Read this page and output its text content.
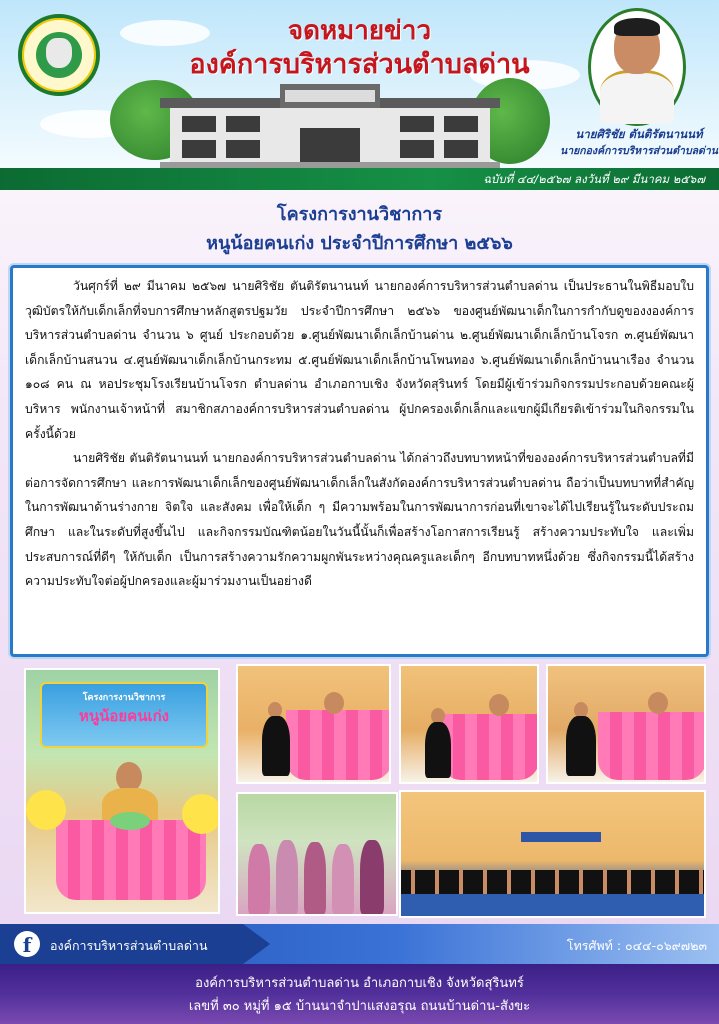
จดหมายข่าว
องค์การบริหารส่วนตำบลด่าน
นายศิริชัย ตันติรัตนานนท์
นายกองค์การบริหารส่วนตำบลด่าน
ฉบับที่ ๔๔/๒๕๖๗ ลงวันที่ ๒๙ มีนาคม ๒๕๖๗
โครงการงานวิชาการ
หนูน้อยคนเก่ง ประจำปีการศึกษา ๒๕๖๖

วันศุกร์ที่ ๒๙ มีนาคม ๒๕๖๗ นายศิริชัย ตันติรัตนานนท์ นายกองค์การบริหารส่วนตำบลด่าน เป็นประธานในพิธีมอบใบวุฒิบัตรให้กับเด็กเล็กที่จบการศึกษาหลักสูตรปฐมวัย ประจำปีการศึกษา ๒๕๖๖ ของศูนย์พัฒนาเด็กในการกำกับดูของงองค์การบริหารส่วนตำบลด่าน จำนวน ๖ ศูนย์ ประกอบด้วย ๑.ศูนย์พัฒนาเด็กเล็กบ้านด่าน ๒.ศูนย์พัฒนาเด็กเล็กบ้านโจรก ๓.ศูนย์พัฒนาเด็กเล็กบ้านสนวน ๔.ศูนย์พัฒนาเด็กเล็กบ้านกระทม ๕.ศูนย์พัฒนาเด็กเล็กบ้านโพนทอง ๖.ศูนย์พัฒนาเด็กเล็กบ้านนาเรือง จำนวน ๑๐๘ คน ณ หอประชุมโรงเรียนบ้านโจรก ตำบลด่าน อำเภอกาบเชิง จังหวัดสุรินทร์ โดยมีผู้เข้าร่วมกิจกรรมประกอบด้วยคณะผู้บริหาร พนักงานเจ้าหน้าที่ สมาชิกสภาองค์การบริหารส่วนตำบลด่าน ผู้ปกครองเด็กเล็กและแขกผู้มีเกียรติเข้าร่วมในกิจกรรมในครั้งนี้ด้วย

นายศิริชัย ตันติรัตนานนท์ นายกองค์การบริหารส่วนตำบลด่าน ได้กล่าวถึงบทบาทหน้าที่ขององค์การบริหารส่วนตำบลที่มีต่อการจัดการศึกษา และการพัฒนาเด็กเล็กของศูนย์พัฒนาเด็กเล็กในสังกัดองค์การบริหารส่วนตำบลด่าน ถือว่าเป็นบทบาทที่สำคัญในการพัฒนาด้านร่างกาย จิตใจ และสังคม เพื่อให้เด็ก ๆ มีความพร้อมในการพัฒนาการก่อนที่เขาจะได้ไปเรียนรู้ในระดับประถมศึกษา และในระดับที่สูงขึ้นไป และกิจกรรมบัณฑิตน้อยในวันนี้นั้นก็เพื่อสร้างโอกาสการเรียนรู้ สร้างความประทับใจ และเพิ่มประสบการณ์ที่ดีๆ ให้กับเด็ก เป็นการสร้างความรักความผูกพันระหว่างคุณครูและเด็กๆ อีกบทบาทหนึ่งด้วย ซึ่งกิจกรรมนี้ได้สร้างความประทับใจต่อผู้ปกครองและผู้มาร่วมงานเป็นอย่างดี

โครงการงานวิชาการ
หนูน้อยคนเก่ง
f	องค์การบริหารส่วนตำบลด่าน	โทรศัพท์ : ๐๔๔-๐๖๙๗๒๓
องค์การบริหารส่วนตำบลด่าน อำเภอกาบเชิง จังหวัดสุรินทร์
เลขที่ ๓๐ หมู่ที่ ๑๕ บ้านนาจำปาแสงอรุณ ถนนบ้านด่าน-สังขะ
